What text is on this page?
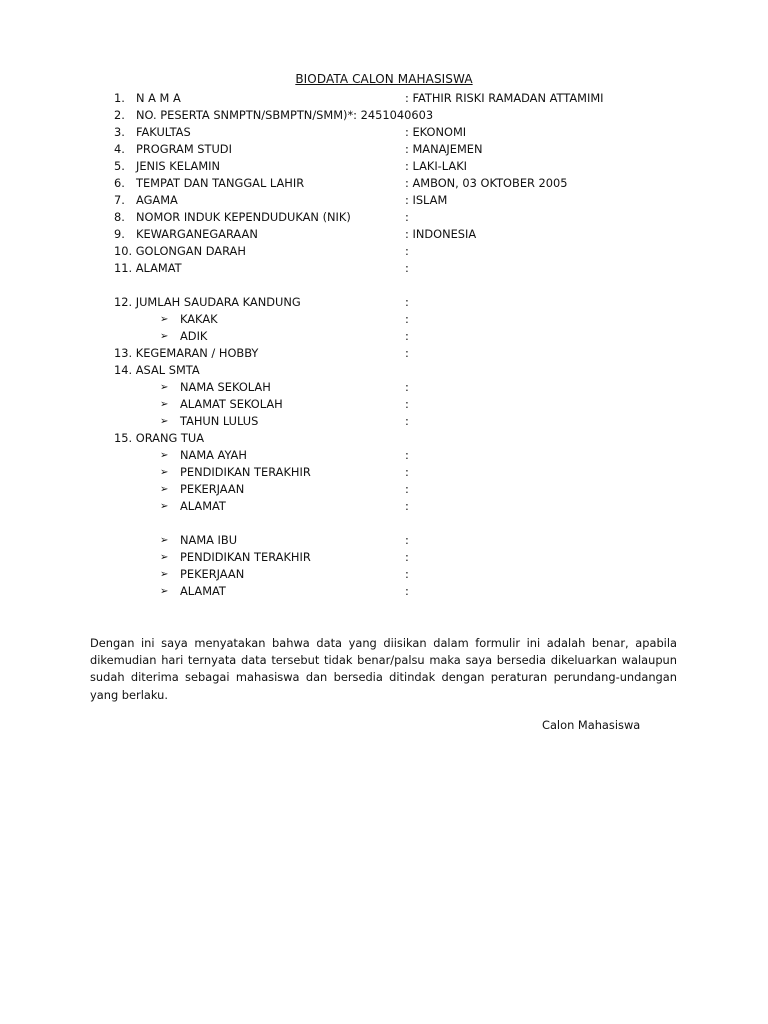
BIODATA CALON MAHASISWA
1. N A M A	: FATHIR RISKI RAMADAN ATTAMIMI
2. NO. PESERTA SNMPTN/SBMPTN/SMM)*: 2451040603
3. FAKULTAS	: EKONOMI
4. PROGRAM STUDI	: MANAJEMEN
5. JENIS KELAMIN	: LAKI-LAKI
6. TEMPAT DAN TANGGAL LAHIR	: AMBON, 03 OKTOBER 2005
7. AGAMA	: ISLAM
8. NOMOR INDUK KEPENDUDUKAN (NIK)	:
9. KEWARGANEGARAAN	: INDONESIA
10. GOLONGAN DARAH	:
11. ALAMAT	:
12. JUMLAH SAUDARA KANDUNG	:
➢ KAKAK	:
➢ ADIK	:
13. KEGEMARAN / HOBBY	:
14. ASAL SMTA
➢ NAMA SEKOLAH	:
➢ ALAMAT SEKOLAH	:
➢ TAHUN LULUS	:
15. ORANG TUA
➢ NAMA AYAH	:
➢ PENDIDIKAN TERAKHIR	:
➢ PEKERJAAN	:
➢ ALAMAT	:
➢ NAMA IBU	:
➢ PENDIDIKAN TERAKHIR	:
➢ PEKERJAAN	:
➢ ALAMAT	:
Dengan ini saya menyatakan bahwa data yang diisikan dalam formulir ini adalah benar, apabila dikemudian hari ternyata data tersebut tidak benar/palsu maka saya bersedia dikeluarkan walaupun sudah diterima sebagai mahasiswa dan bersedia ditindak dengan peraturan perundang-undangan yang berlaku.
Calon Mahasiswa
